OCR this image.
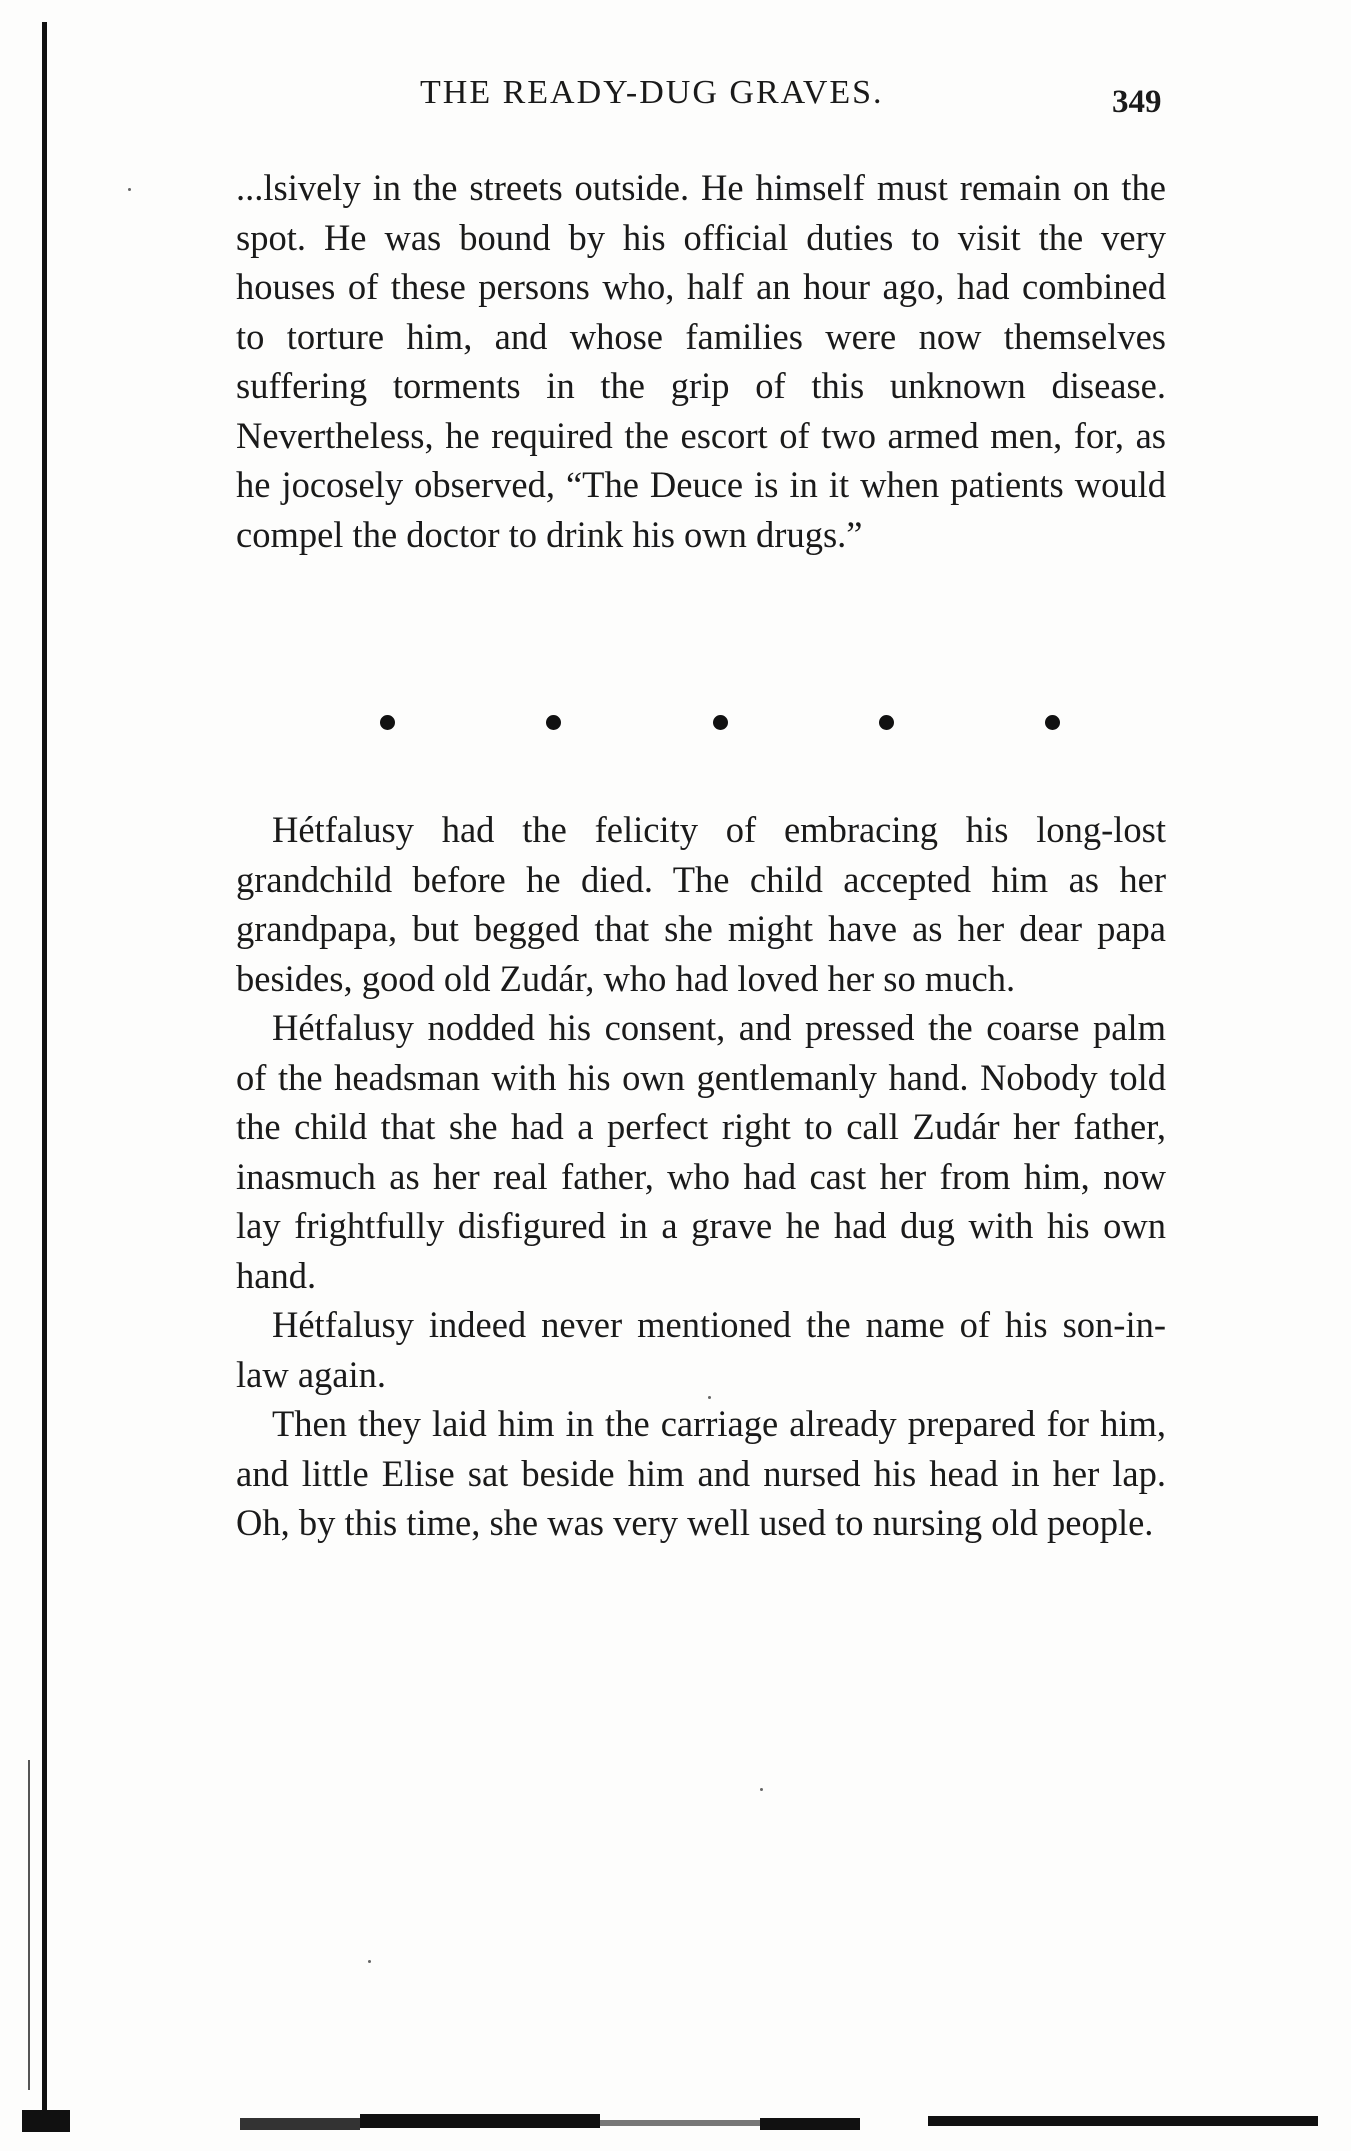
THE READY-DUG GRAVES.	349

...lsively in the streets outside. He himself must remain on the spot. He was bound by his official duties to visit the very houses of these persons who, half an hour ago, had combined to torture him, and whose families were now themselves suffering torments in the grip of this unknown disease. Nevertheless, he required the escort of two armed men, for, as he jocosely observed, “The Deuce is in it when patients would compel the doctor to drink his own drugs.”

Hétfalusy had the felicity of embracing his long-lost grandchild before he died. The child accepted him as her grandpapa, but begged that she might have as her dear papa besides, good old Zudár, who had loved her so much.

Hétfalusy nodded his consent, and pressed the coarse palm of the headsman with his own gentlemanly hand. Nobody told the child that she had a perfect right to call Zudár her father, inasmuch as her real father, who had cast her from him, now lay frightfully disfigured in a grave he had dug with his own hand.

Hétfalusy indeed never mentioned the name of his son-in-law again.

Then they laid him in the carriage already prepared for him, and little Elise sat beside him and nursed his head in her lap. Oh, by this time, she was very well used to nursing old people.
